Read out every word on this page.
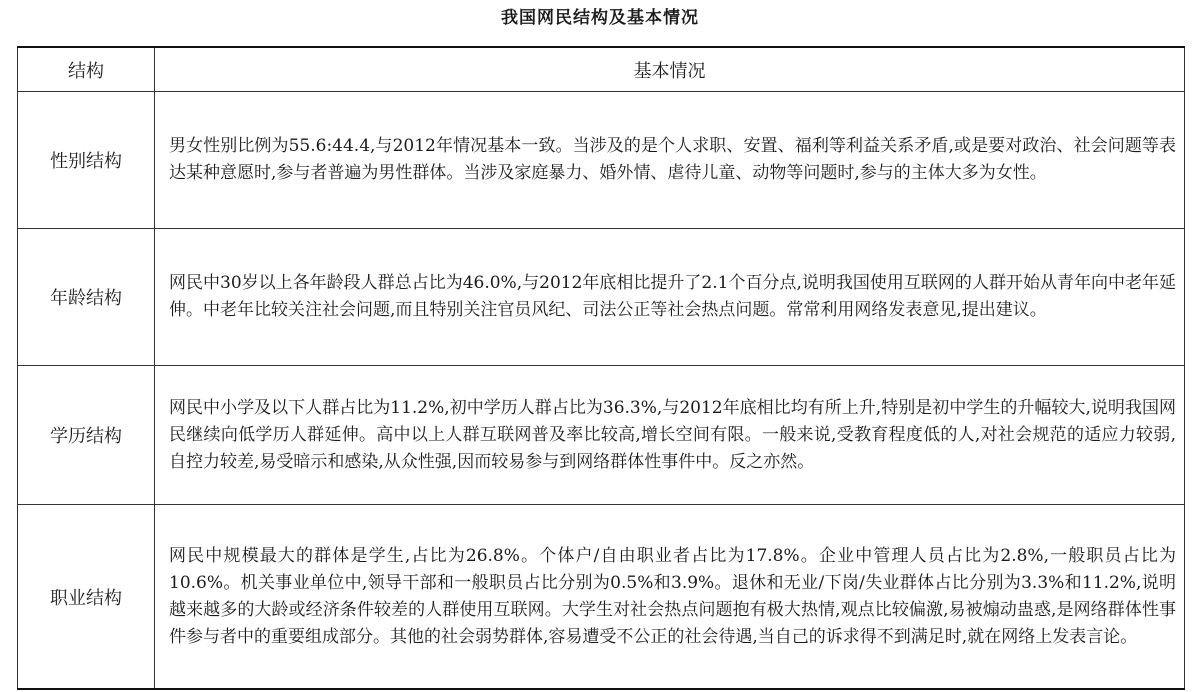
我国网民结构及基本情况
结构	基本情况
性别结构	男女性别比例为55.6:44.4,与2012年情况基本一致。当涉及的是个人求职、安置、福利等利益关系矛盾,或是要对政治、社会问题等表达某种意愿时,参与者普遍为男性群体。当涉及家庭暴力、婚外情、虐待儿童、动物等问题时,参与的主体大多为女性。
年龄结构	网民中30岁以上各年龄段人群总占比为46.0%,与2012年底相比提升了2.1个百分点,说明我国使用互联网的人群开始从青年向中老年延伸。中老年比较关注社会问题,而且特别关注官员风纪、司法公正等社会热点问题。常常利用网络发表意见,提出建议。
学历结构	网民中小学及以下人群占比为11.2%,初中学历人群占比为36.3%,与2012年底相比均有所上升,特别是初中学生的升幅较大,说明我国网民继续向低学历人群延伸。高中以上人群互联网普及率比较高,增长空间有限。一般来说,受教育程度低的人,对社会规范的适应力较弱,自控力较差,易受暗示和感染,从众性强,因而较易参与到网络群体性事件中。反之亦然。
职业结构	网民中规模最大的群体是学生,占比为26.8%。个体户/自由职业者占比为17.8%。企业中管理人员占比为2.8%,一般职员占比为10.6%。机关事业单位中,领导干部和一般职员占比分别为0.5%和3.9%。退休和无业/下岗/失业群体占比分别为3.3%和11.2%,说明越来越多的大龄或经济条件较差的人群使用互联网。大学生对社会热点问题抱有极大热情,观点比较偏激,易被煽动蛊惑,是网络群体性事件参与者中的重要组成部分。其他的社会弱势群体,容易遭受不公正的社会待遇,当自己的诉求得不到满足时,就在网络上发表言论。
